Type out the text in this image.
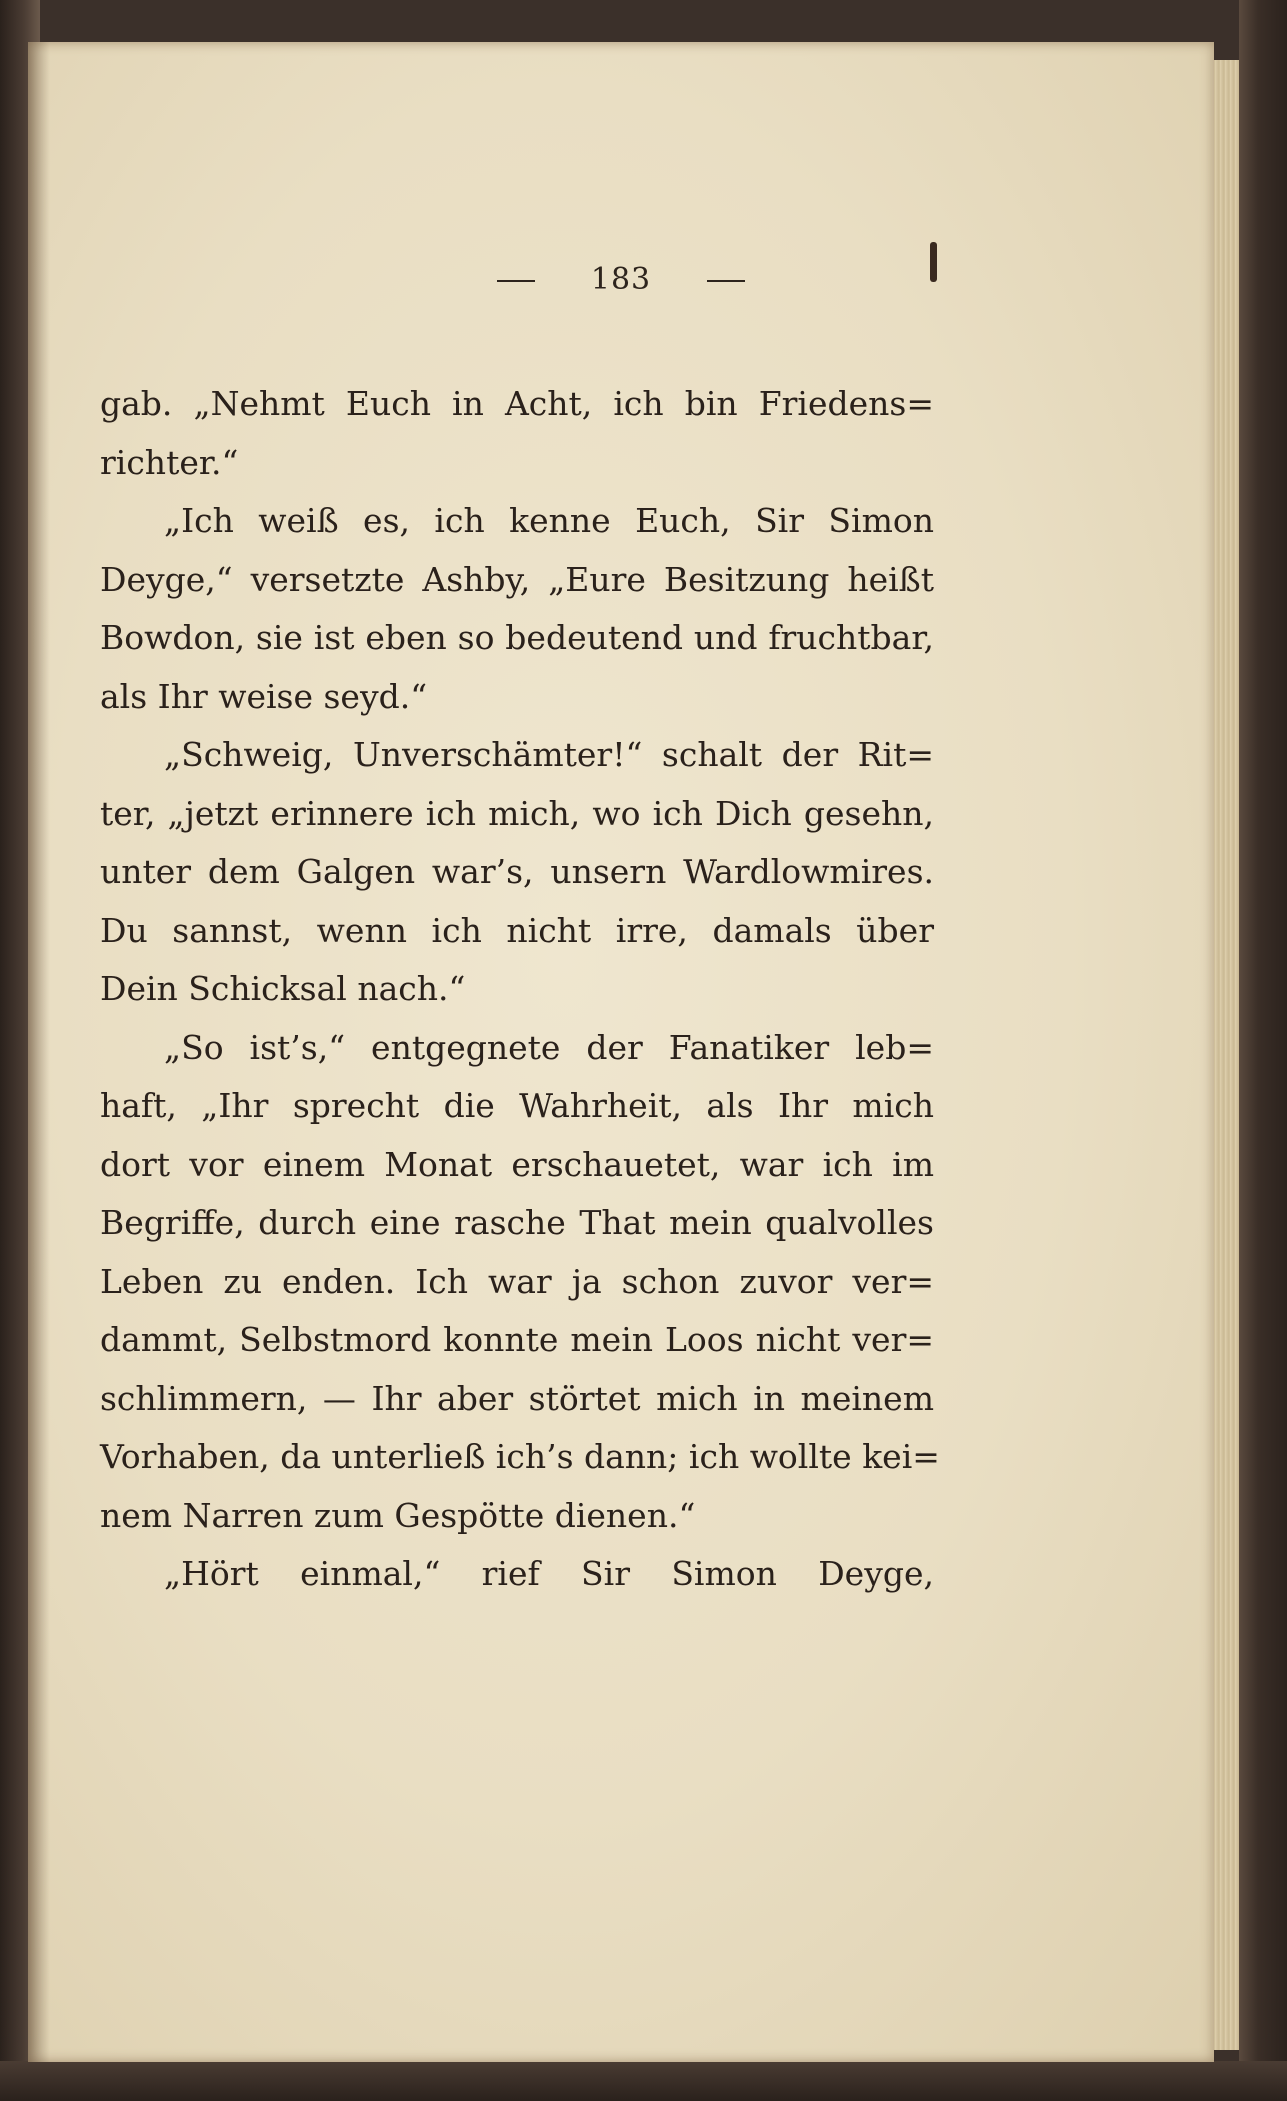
183
gab. „Nehmt Euch in Acht, ich bin Friedens=
richter.“
„Ich weiß es, ich kenne Euch, Sir Simon
Deyge,“ versetzte Ashby, „Eure Besitzung heißt
Bowdon, sie ist eben so bedeutend und fruchtbar,
als Ihr weise seyd.“
„Schweig, Unverschämter!“ schalt der Rit=
ter, „jetzt erinnere ich mich, wo ich Dich gesehn,
unter dem Galgen war’s, unsern Wardlowmires.
Du sannst, wenn ich nicht irre, damals über
Dein Schicksal nach.“
„So ist’s,“ entgegnete der Fanatiker leb=
haft, „Ihr sprecht die Wahrheit, als Ihr mich
dort vor einem Monat erschauetet, war ich im
Begriffe, durch eine rasche That mein qualvolles
Leben zu enden. Ich war ja schon zuvor ver=
dammt, Selbstmord konnte mein Loos nicht ver=
schlimmern, — Ihr aber störtet mich in meinem
Vorhaben, da unterließ ich’s dann; ich wollte kei=
nem Narren zum Gespötte dienen.“
„Hört einmal,“ rief Sir Simon Deyge,
